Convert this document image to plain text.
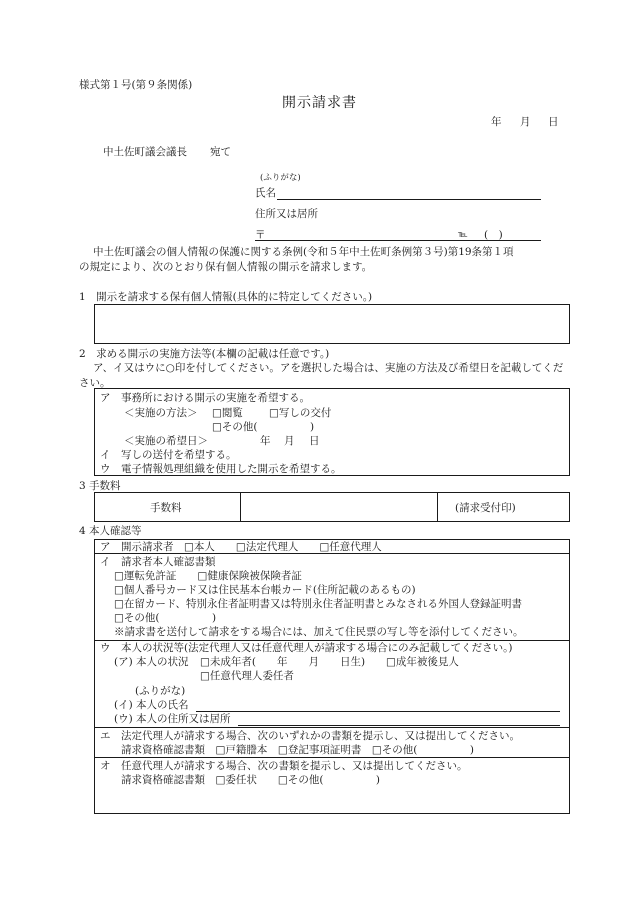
様式第１号(第９条関係)
開示請求書
年 月 日
中土佐町議会議長 宛て
(ふりがな)
氏名
住所又は居所
〒	℡ (　)
中土佐町議会の個人情報の保護に関する条例(令和５年中土佐町条例第３号)第19条第１項
の規定により、次のとおり保有個人情報の開示を請求します。
1　開示を請求する保有個人情報(具体的に特定してください。)
2　求める開示の実施方法等(本欄の記載は任意です。)
ア、イ又はウに○印を付してください。アを選択した場合は、実施の方法及び希望日を記載してくだ
さい。
ア　事務所における開示の実施を希望する。
＜実施の方法＞ □閲覧 □写しの交付
□その他(　　　　　)
＜実施の希望日＞	年 月 日
イ　写しの送付を希望する。
ウ　電子情報処理組織を使用した開示を希望する。
3 手数料
手数料	(請求受付印)
4 本人確認等
ア　開示請求者　□本人　　□法定代理人　　□任意代理人
イ　請求者本人確認書類
□運転免許証　　□健康保険被保険者証
□個人番号カード又は住民基本台帳カード(住所記載のあるもの)
□在留カード、特別永住者証明書又は特別永住者証明書とみなされる外国人登録証明書
□その他(　　　　　)
※請求書を送付して請求をする場合には、加えて住民票の写し等を添付してください。
ウ　本人の状況等(法定代理人又は任意代理人が請求する場合にのみ記載してください。)
(ア) 本人の状況 □未成年者(　　年　　月　　日生) □成年被後見人
□任意代理人委任者
(ふりがな)
(イ) 本人の氏名
(ウ) 本人の住所又は居所
エ　法定代理人が請求する場合、次のいずれかの書類を提示し、又は提出してください。
請求資格確認書類　□戸籍謄本　□登記事項証明書　□その他(　　　　　)
オ　任意代理人が請求する場合、次の書類を提示し、又は提出してください。
請求資格確認書類　□委任状　　□その他(　　　　　)
